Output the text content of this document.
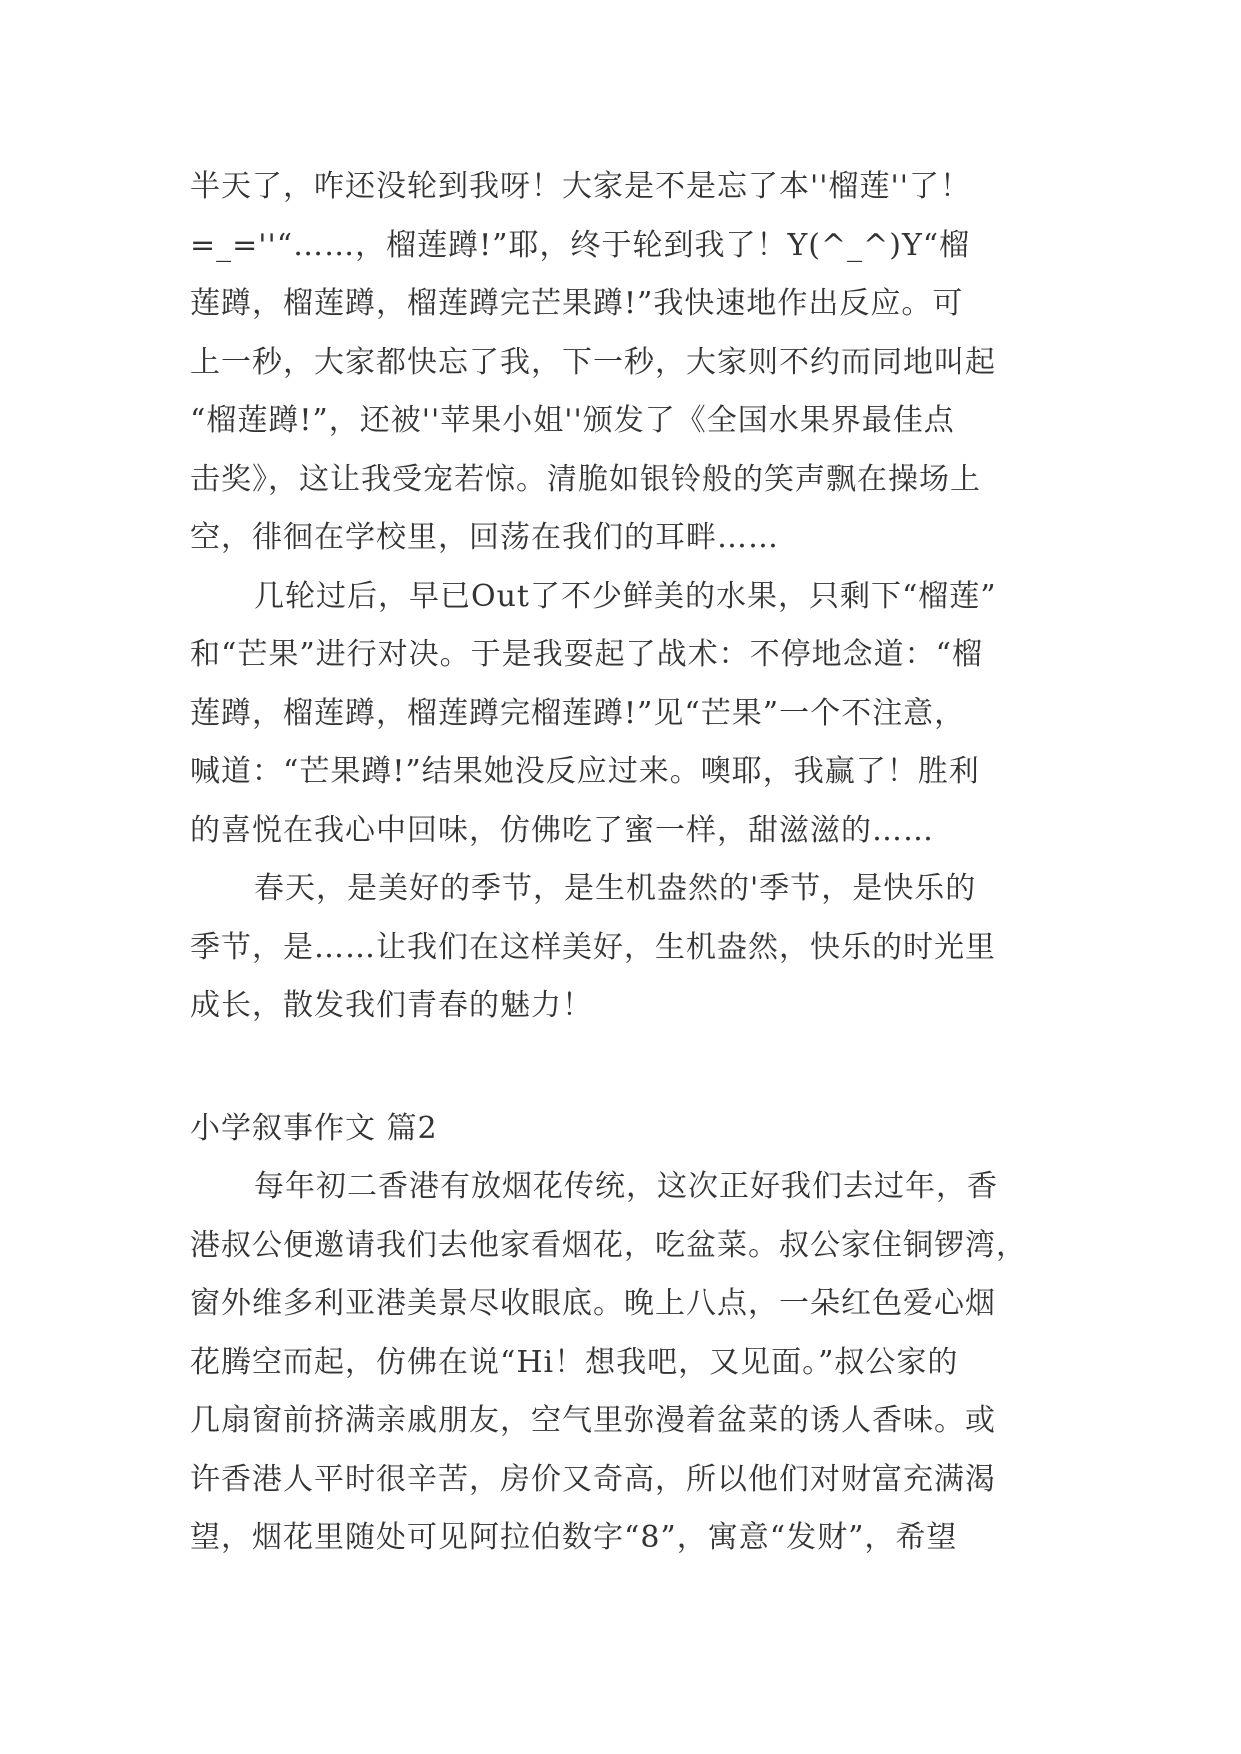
半天了，咋还没轮到我呀！大家是不是忘了本''榴莲''了！
=_=''“……，榴莲蹲!”耶，终于轮到我了！Y(^_^)Y“榴
莲蹲，榴莲蹲，榴莲蹲完芒果蹲!”我快速地作出反应。可
上一秒，大家都快忘了我，下一秒，大家则不约而同地叫起
“榴莲蹲!”，还被''苹果小姐''颁发了《全国水果界最佳点
击奖》，这让我受宠若惊。清脆如银铃般的笑声飘在操场上
空，徘徊在学校里，回荡在我们的耳畔……
几轮过后，早已Out了不少鲜美的水果，只剩下“榴莲”
和“芒果”进行对决。于是我耍起了战术：不停地念道：“榴
莲蹲，榴莲蹲，榴莲蹲完榴莲蹲!”见“芒果”一个不注意，
喊道：“芒果蹲!”结果她没反应过来。噢耶，我赢了！胜利
的喜悦在我心中回味，仿佛吃了蜜一样，甜滋滋的……
春天，是美好的季节，是生机盎然的'季节，是快乐的
季节，是……让我们在这样美好，生机盎然，快乐的时光里
成长，散发我们青春的魅力！
小学叙事作文 篇2
每年初二香港有放烟花传统，这次正好我们去过年，香
港叔公便邀请我们去他家看烟花，吃盆菜。叔公家住铜锣湾，
窗外维多利亚港美景尽收眼底。晚上八点，一朵红色爱心烟
花腾空而起，仿佛在说“Hi！想我吧，又见面。”叔公家的
几扇窗前挤满亲戚朋友，空气里弥漫着盆菜的诱人香味。或
许香港人平时很辛苦，房价又奇高，所以他们对财富充满渴
望，烟花里随处可见阿拉伯数字“8”，寓意“发财”，希望
